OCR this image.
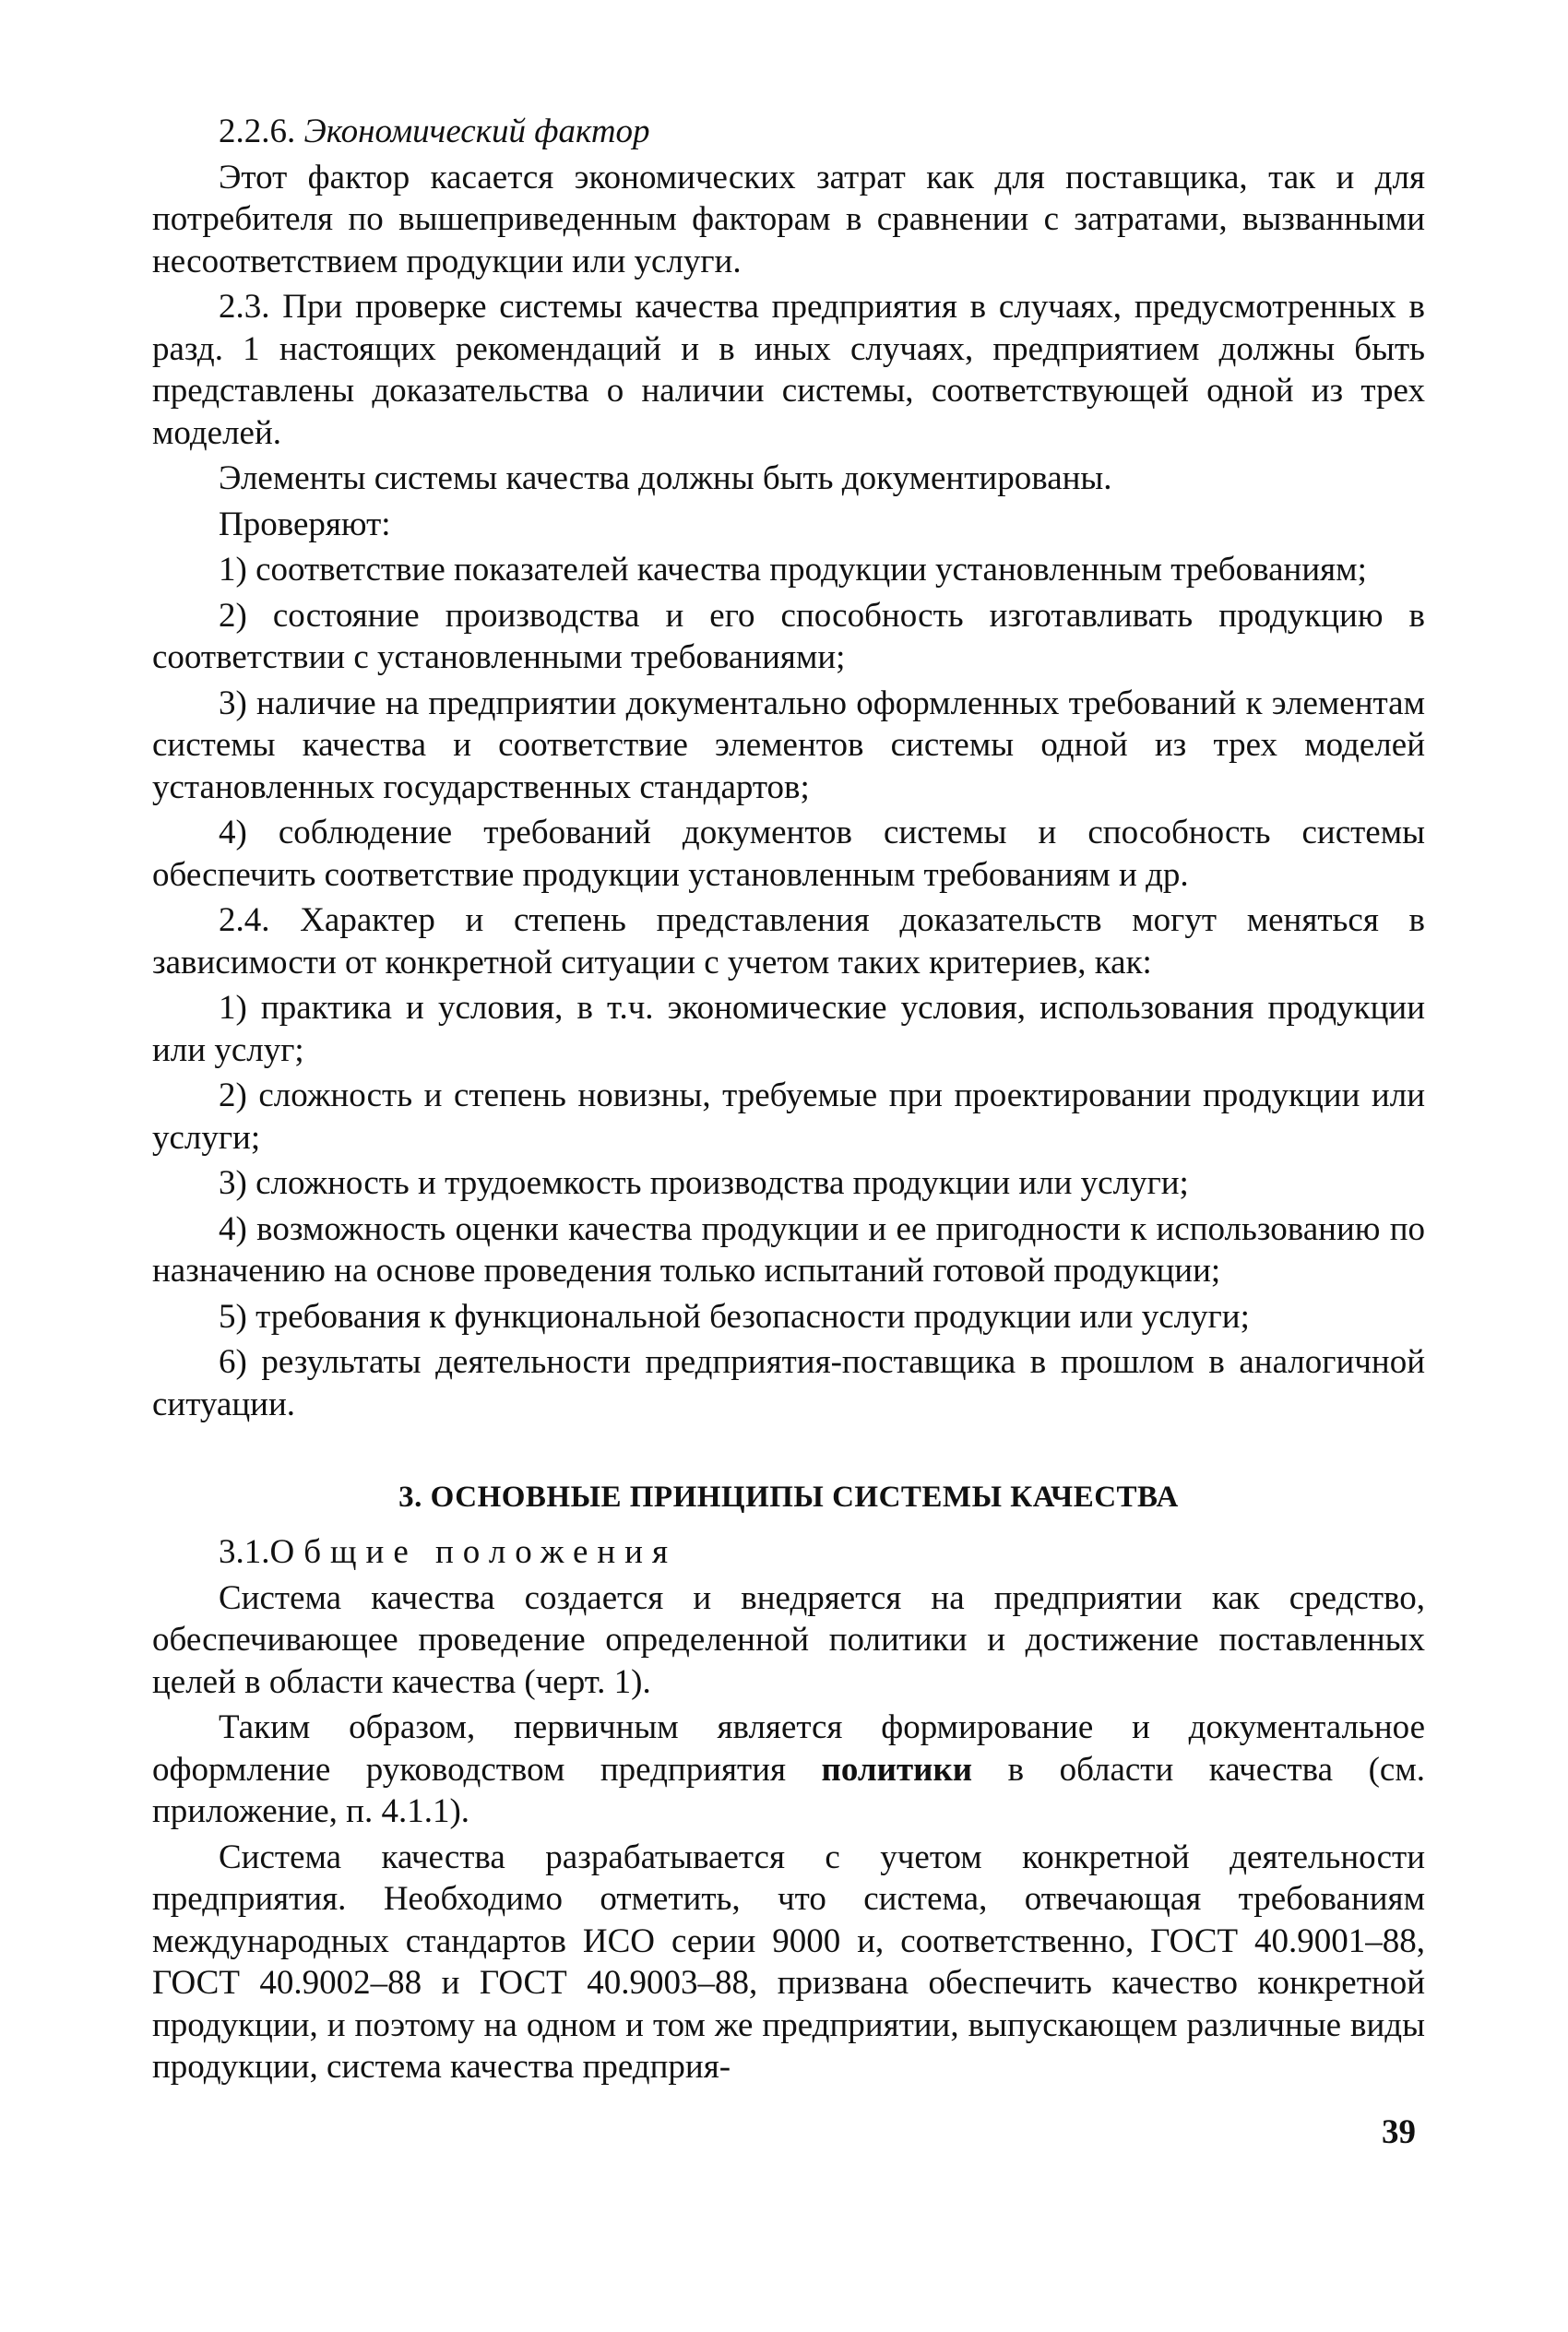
2.2.6. Экономический фактор

Этот фактор касается экономических затрат как для поставщика, так и для потребителя по вышеприведенным факторам в сравнении с затратами, вызванными несоответствием продукции или услуги.

2.3. При проверке системы качества предприятия в случаях, предусмотренных в разд. 1 настоящих рекомендаций и в иных случаях, предприятием должны быть представлены доказательства о наличии системы, соответствующей одной из трех моделей.

Элементы системы качества должны быть документированы.

Проверяют:

1) соответствие показателей качества продукции установленным требованиям;

2) состояние производства и его способность изготавливать продукцию в соответствии с установленными требованиями;

3) наличие на предприятии документально оформленных требований к элементам системы качества и соответствие элементов системы одной из трех моделей установленных государственных стандартов;

4) соблюдение требований документов системы и способность системы обеспечить соответствие продукции установленным требованиям и др.

2.4. Характер и степень представления доказательств могут меняться в зависимости от конкретной ситуации с учетом таких критериев, как:

1) практика и условия, в т.ч. экономические условия, использования продукции или услуг;

2) сложность и степень новизны, требуемые при проектировании продукции или услуги;

3) сложность и трудоемкость производства продукции или услуги;

4) возможность оценки качества продукции и ее пригодности к использованию по назначению на основе проведения только испытаний готовой продукции;

5) требования к функциональной безопасности продукции или услуги;

6) результаты деятельности предприятия-поставщика в прошлом в аналогичной ситуации.

3. ОСНОВНЫЕ ПРИНЦИПЫ СИСТЕМЫ КАЧЕСТВА

3.1.Общие положения

Система качества создается и внедряется на предприятии как средство, обеспечивающее проведение определенной политики и достижение поставленных целей в области качества (черт. 1).

Таким образом, первичным является формирование и документальное оформление руководством предприятия политики в области качества (см. приложение, п. 4.1.1).

Система качества разрабатывается с учетом конкретной деятельности предприятия. Необходимо отметить, что система, отвечающая требованиям международных стандартов ИСО серии 9000 и, соответственно, ГОСТ 40.9001–88, ГОСТ 40.9002–88 и ГОСТ 40.9003–88, призвана обеспечить качество конкретной продукции, и поэтому на одном и том же предприятии, выпускающем различные виды продукции, система качества предприя-

39
